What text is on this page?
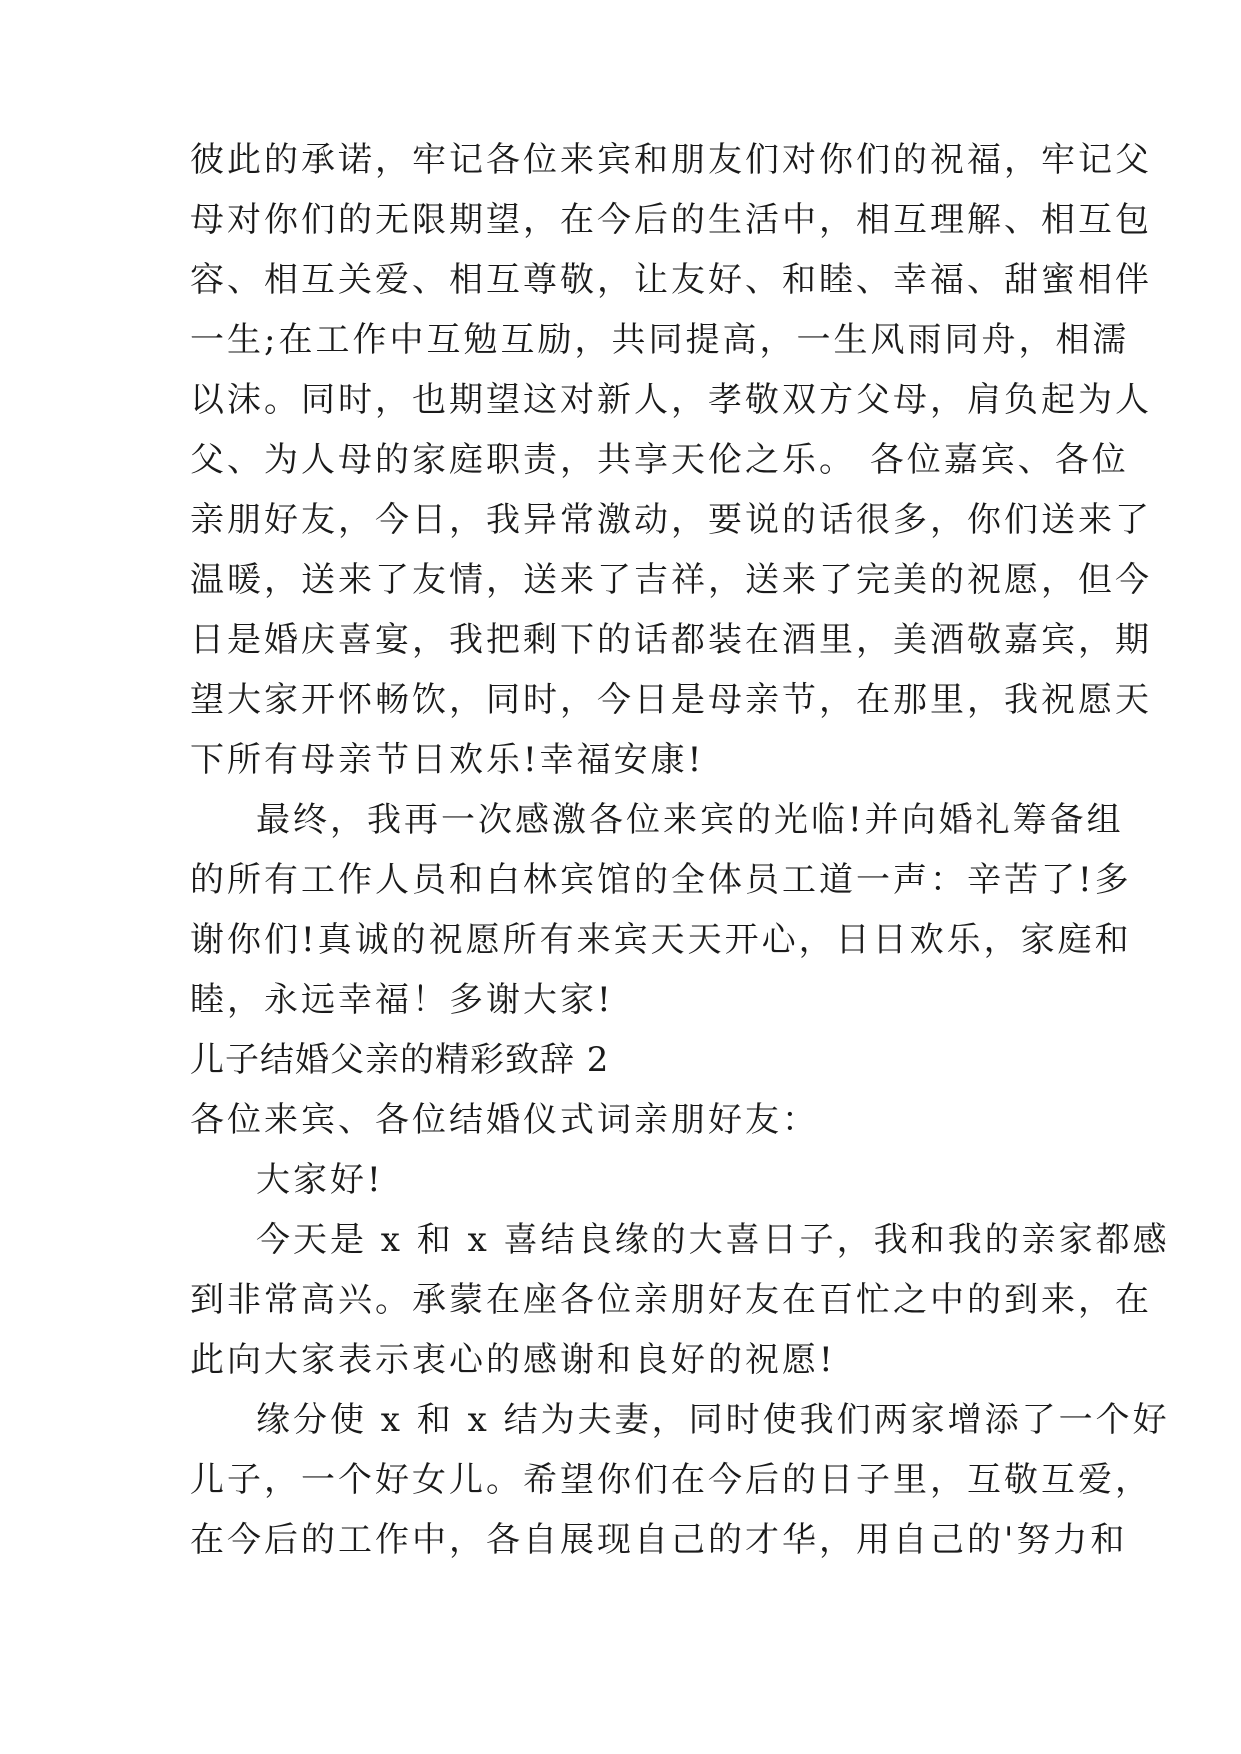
彼此的承诺，牢记各位来宾和朋友们对你们的祝福，牢记父
母对你们的无限期望，在今后的生活中，相互理解、相互包
容、相互关爱、相互尊敬，让友好、和睦、幸福、甜蜜相伴
一生;在工作中互勉互励，共同提高，一生风雨同舟，相濡
以沫。同时，也期望这对新人，孝敬双方父母，肩负起为人
父、为人母的家庭职责，共享天伦之乐。 各位嘉宾、各位
亲朋好友，今日，我异常激动，要说的话很多，你们送来了
温暖，送来了友情，送来了吉祥，送来了完美的祝愿，但今
日是婚庆喜宴，我把剩下的话都装在酒里，美酒敬嘉宾，期
望大家开怀畅饮，同时，今日是母亲节，在那里，我祝愿天
下所有母亲节日欢乐!幸福安康!
最终，我再一次感激各位来宾的光临!并向婚礼筹备组
的所有工作人员和白林宾馆的全体员工道一声：辛苦了!多
谢你们!真诚的祝愿所有来宾天天开心，日日欢乐，家庭和
睦，永远幸福！多谢大家!
儿子结婚父亲的精彩致辞 2
各位来宾、各位结婚仪式词亲朋好友：
大家好!
今天是 x 和 x 喜结良缘的大喜日子，我和我的亲家都感
到非常高兴。承蒙在座各位亲朋好友在百忙之中的到来，在
此向大家表示衷心的感谢和良好的祝愿!
缘分使 x 和 x 结为夫妻，同时使我们两家增添了一个好
儿子，一个好女儿。希望你们在今后的日子里，互敬互爱，
在今后的工作中，各自展现自己的才华，用自己的'努力和
